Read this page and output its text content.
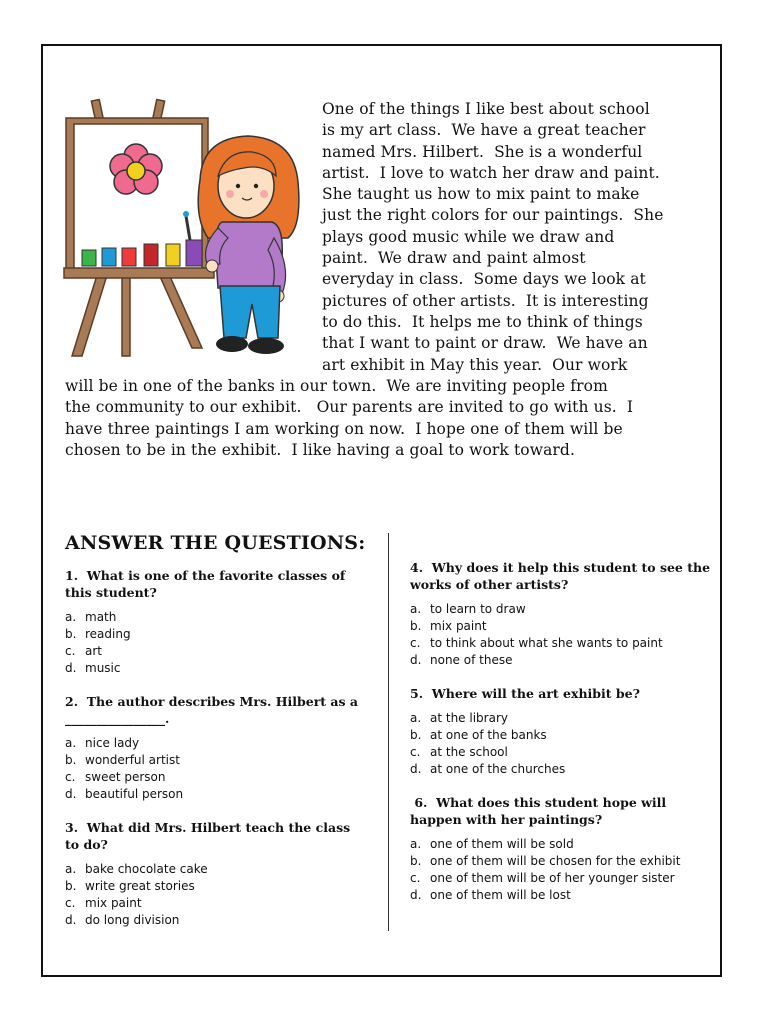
One of the things I like best about school
is my art class.  We have a great teacher
named Mrs. Hilbert.  She is a wonderful
artist.  I love to watch her draw and paint.
She taught us how to mix paint to make
just the right colors for our paintings.  She
plays good music while we draw and
paint.  We draw and paint almost
everyday in class.  Some days we look at
pictures of other artists.  It is interesting
to do this.  It helps me to think of things
that I want to paint or draw.  We have an
art exhibit in May this year.  Our work
will be in one of the banks in our town.  We are inviting people from
the community to our exhibit.   Our parents are invited to go with us.  I
have three paintings I am working on now.  I hope one of them will be
chosen to be in the exhibit.  I like having a goal to work toward.
ANSWER THE QUESTIONS:
1.  What is one of the favorite classes of
this student?
a. math
b. reading
c. art
d. music
2.  The author describes Mrs. Hilbert as a
________________.
a. nice lady
b. wonderful artist
c. sweet person
d. beautiful person
3.  What did Mrs. Hilbert teach the class
to do?
a. bake chocolate cake
b. write great stories
c. mix paint
d. do long division
4.  Why does it help this student to see the
works of other artists?
a. to learn to draw
b. mix paint
c. to think about what she wants to paint
d. none of these
5.  Where will the art exhibit be?
a. at the library
b. at one of the banks
c. at the school
d. at one of the churches
6.  What does this student hope will
happen with her paintings?
a. one of them will be sold
b. one of them will be chosen for the exhibit
c. one of them will be of her younger sister
d. one of them will be lost
